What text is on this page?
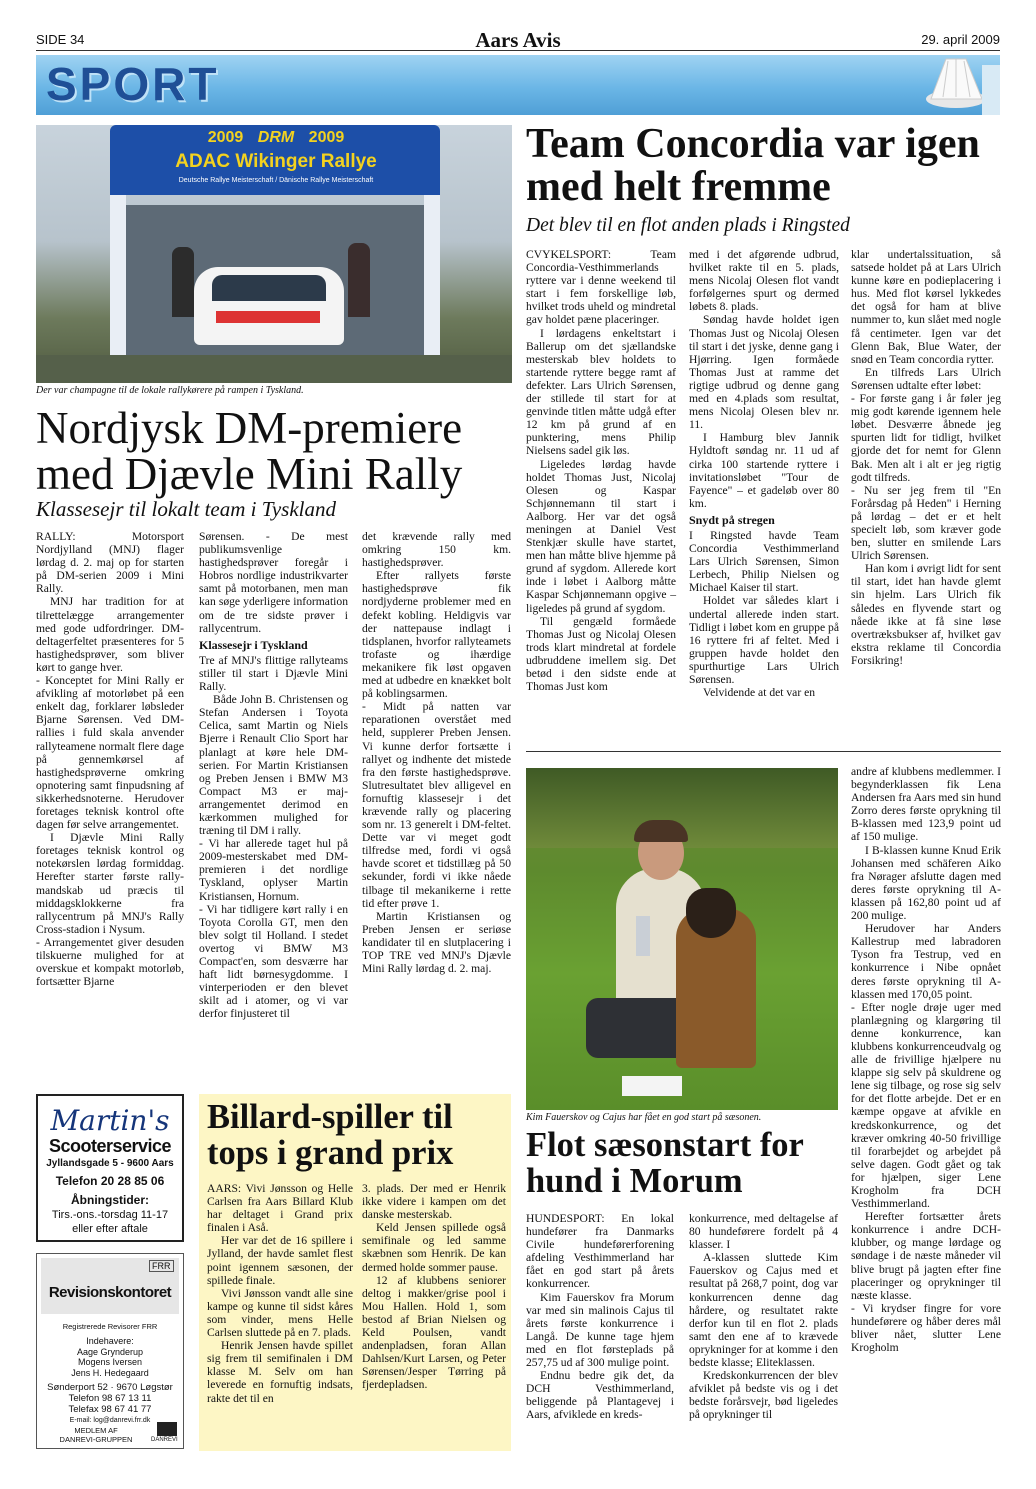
SIDE 34	Aars Avis	29. april 2009
SPORT
2009 DRM 2009
ADAC Wikinger Rallye
Deutsche Rallye Meisterschaft / Dänische Rallye Meisterschaft
Der var champagne til de lokale rallykørere på rampen i Tyskland.
Nordjysk DM-premiere med Djævle Mini Rally
Klassesejr til lokalt team i Tyskland
RALLY: Motorsport Nordjylland (MNJ) flager lørdag d. 2. maj op for starten på DM-serien 2009 i Mini Rally.
MNJ har tradition for at tilrettelægge arrangementer med gode udfordringer. DM-deltagerfeltet præsenteres for 5 hastighedsprøver, som bliver kørt to gange hver.
- Konceptet for Mini Rally er afvikling af motorløbet på een enkelt dag, forklarer løbsleder Bjarne Sørensen. Ved DM-rallies i fuld skala anvender rallyteamene normalt flere dage på gennemkørsel af hastighedsprøverne omkring opnotering samt finpudsning af sikkerhedsnoterne. Herudover foretages teknisk kontrol ofte dagen før selve arrangementet.
I Djævle Mini Rally foretages teknisk kontrol og notekørslen lørdag formiddag. Herefter starter første rally-mandskab ud præcis til middagsklokkerne fra rallycentrum på MNJ's Rally Cross-stadion i Nysum.
- Arrangementet giver desuden tilskuerne mulighed for at overskue et kompakt motorløb, fortsætter Bjarne
Sørensen. - De mest publikumsvenlige hastighedsprøver foregår i Hobros nordlige industrikvarter samt på motorbanen, men man kan søge yderligere information om de tre sidste prøver i rallycentrum.
Klassesejr i Tyskland
Tre af MNJ's flittige rallyteams stiller til start i Djævle Mini Rally.
Både John B. Christensen og Stefan Andersen i Toyota Celica, samt Martin og Niels Bjerre i Renault Clio Sport har planlagt at køre hele DM-serien. For Martin Kristiansen og Preben Jensen i BMW M3 Compact M3 er maj-arrangementet derimod en kærkommen mulighed for træning til DM i rally.
- Vi har allerede taget hul på 2009-mesterskabet med DM-premieren i det nordlige Tyskland, oplyser Martin Kristiansen, Hornum.
- Vi har tidligere kørt rally i en Toyota Corolla GT, men den blev solgt til Holland. I stedet overtog vi BMW M3 Compact'en, som desværre har haft lidt børnesygdomme. I vinterperioden er den blevet skilt ad i atomer, og vi var derfor finjusteret til
det krævende rally med omkring 150 km. hastighedsprøver.
Efter rallyets første hastighedsprøve fik nordjyderne problemer med en defekt kobling. Heldigvis var der nattepause indlagt i tidsplanen, hvorfor rallyteamets trofaste og ihærdige mekanikere fik løst opgaven med at udbedre en knækket bolt på koblingsarmen.
- Midt på natten var reparationen overstået med held, supplerer Preben Jensen. Vi kunne derfor fortsætte i rallyet og indhente det mistede fra den første hastighedsprøve. Slutresultatet blev alligevel en fornuftig klassesejr i det krævende rally og placering som nr. 13 generelt i DM-feltet. Dette var vi meget godt tilfredse med, fordi vi også havde scoret et tidstillæg på 50 sekunder, fordi vi ikke nåede tilbage til mekanikerne i rette tid efter prøve 1.
Martin Kristiansen og Preben Jensen er seriøse kandidater til en slutplacering i TOP TRE ved MNJ's Djævle Mini Rally lørdag d. 2. maj.
Team Concordia var igen med helt fremme
Det blev til en flot anden plads i Ringsted
CVYKELSPORT: Team Concordia-Vesthimmerlands ryttere var i denne weekend til start i fem forskellige løb, hvilket trods uheld og mindretal gav holdet pæne placeringer.
I lørdagens enkeltstart i Ballerup om det sjællandske mesterskab blev holdets to startende ryttere begge ramt af defekter. Lars Ulrich Sørensen, der stillede til start for at genvinde titlen måtte udgå efter 12 km på grund af en punktering, mens Philip Nielsens sadel gik løs.
Ligeledes lørdag havde holdet Thomas Just, Nicolaj Olesen og Kaspar Schjønnemann til start i Aalborg. Her var det også meningen at Daniel Vest Stenkjær skulle have startet, men han måtte blive hjemme på grund af sygdom. Allerede kort inde i løbet i Aalborg måtte Kaspar Schjønnemann opgive – ligeledes på grund af sygdom.
Til gengæld formåede Thomas Just og Nicolaj Olesen trods klart mindretal at fordele udbruddene imellem sig. Det betød i den sidste ende at Thomas Just kom
med i det afgørende udbrud, hvilket rakte til en 5. plads, mens Nicolaj Olesen flot vandt forfølgernes spurt og dermed løbets 8. plads.
Søndag havde holdet igen Thomas Just og Nicolaj Olesen til start i det jyske, denne gang i Hjørring. Igen formåede Thomas Just at ramme det rigtige udbrud og denne gang med en 4.plads som resultat, mens Nicolaj Olesen blev nr. 11.
I Hamburg blev Jannik Hyldtoft søndag nr. 11 ud af cirka 100 startende ryttere i invitationsløbet "Tour de Fayence" – et gadeløb over 80 km.
Snydt på stregen
I Ringsted havde Team Concordia Vesthimmerland Lars Ulrich Sørensen, Simon Lerbech, Philip Nielsen og Michael Kaiser til start.
Holdet var således klart i undertal allerede inden start. Tidligt i løbet kom en gruppe på 16 ryttere fri af feltet. Med i gruppen havde holdet den spurthurtige Lars Ulrich Sørensen.
Velvidende at det var en
klar undertalssituation, så satsede holdet på at Lars Ulrich kunne køre en podieplacering i hus. Med flot kørsel lykkedes det også for ham at blive nummer to, kun slået med nogle få centimeter. Igen var det Glenn Bak, Blue Water, der snød en Team concordia rytter.
En tilfreds Lars Ulrich Sørensen udtalte efter løbet:
- For første gang i år føler jeg mig godt kørende igennem hele løbet. Desværre åbnede jeg spurten lidt for tidligt, hvilket gjorde det for nemt for Glenn Bak. Men alt i alt er jeg rigtig godt tilfreds.
- Nu ser jeg frem til "En Forårsdag på Heden" i Herning på lørdag – det er et helt specielt løb, som kræver gode ben, slutter en smilende Lars Ulrich Sørensen.
Han kom i øvrigt lidt for sent til start, idet han havde glemt sin hjelm. Lars Ulrich fik således en flyvende start og nåede ikke at få sine løse overtræksbukser af, hvilket gav ekstra reklame til Concordia Forsikring!
Kim Fauerskov og Cajus har fået en god start på sæsonen.
Flot sæsonstart for hund i Morum
HUNDESPORT: En lokal hundefører fra Danmarks Civile hundeførerforening afdeling Vesthimmerland har fået en god start på årets konkurrencer.
Kim Fauerskov fra Morum var med sin malinois Cajus til årets første konkurrence i Langå. De kunne tage hjem med en flot førsteplads på 257,75 ud af 300 mulige point.
Endnu bedre gik det, da DCH Vesthimmerland, beliggende på Plantagevej i Aars, afviklede en kreds-
konkurrence, med deltagelse af 80 hundeførere fordelt på 4 klasser. I
A-klassen sluttede Kim Fauerskov og Cajus med et resultat på 268,7 point, dog var konkurrencen denne dag hårdere, og resultatet rakte derfor kun til en flot 2. plads samt den ene af to krævede oprykninger for at komme i den bedste klasse; Eliteklassen.
Kredskonkurrencen der blev afviklet på bedste vis og i det bedste forårsvejr, bød ligeledes på oprykninger til
andre af klubbens medlemmer. I begynderklassen fik Lena Andersen fra Aars med sin hund Zorro deres første oprykning til B-klassen med 123,9 point ud af 150 mulige.
I B-klassen kunne Knud Erik Johansen med schäferen Aiko fra Nørager afslutte dagen med deres første oprykning til A-klassen på 162,80 point ud af 200 mulige.
Herudover har Anders Kallestrup med labradoren Tyson fra Testrup, ved en konkurrence i Nibe opnået deres første oprykning til A-klassen med 170,05 point.
- Efter nogle drøje uger med planlægning og klargøring til denne konkurrence, kan klubbens konkurrenceudvalg og alle de frivillige hjælpere nu klappe sig selv på skuldrene og lene sig tilbage, og rose sig selv for det flotte arbejde. Det er en kæmpe opgave at afvikle en kredskonkurrence, og det kræver omkring 40-50 frivillige til forarbejdet og arbejdet på selve dagen. Godt gået og tak for hjælpen, siger Lene Krogholm fra DCH Vesthimmerland.
Herefter fortsætter årets konkurrence i andre DCH-klubber, og mange lørdage og søndage i de næste måneder vil blive brugt på jagten efter fine placeringer og oprykninger til næste klasse.
- Vi krydser fingre for vore hundeførere og håber deres mål bliver nået, slutter Lene Krogholm
Martin's
Scooterservice
Jyllandsgade 5 - 9600 Aars
Telefon 20 28 85 06
Åbningstider:
Tirs.-ons.-torsdag 11-17
eller efter aftale
FRR
Revisionskontoret
Registrerede Revisorer FRR
Indehavere:
Aage Grynderup
Mogens Iversen
Jens H. Hedegaard
Sønderport 52 · 9670 Løgstør
Telefon 98 67 13 11
Telefax 98 67 41 77
E-mail: log@danrevi.frr.dk
MEDLEM AF
DANREVI-GRUPPEN	DANREVI
Billard-spiller til tops i grand prix
AARS: Vivi Jønsson og Helle Carlsen fra Aars Billard Klub har deltaget i Grand prix finalen i Aså.
Her var det de 16 spillere i Jylland, der havde samlet flest point igennem sæsonen, der spillede finale.
Vivi Jønsson vandt alle sine kampe og kunne til sidst kåres som vinder, mens Helle Carlsen sluttede på en 7. plads.
Henrik Jensen havde spillet sig frem til semifinalen i DM klasse M. Selv om han leverede en fornuftig indsats, rakte det til en
3. plads. Der med er Henrik ikke videre i kampen om det danske mesterskab.
Keld Jensen spillede også semifinale og led samme skæbnen som Henrik. De kan dermed holde sommer pause.
12 af klubbens seniorer deltog i makker/grise pool i Mou Hallen. Hold 1, som bestod af Brian Nielsen og Keld Poulsen, vandt andenpladsen, foran Allan Dahlsen/Kurt Larsen, og Peter Sørensen/Jesper Tørring på fjerdepladsen.
